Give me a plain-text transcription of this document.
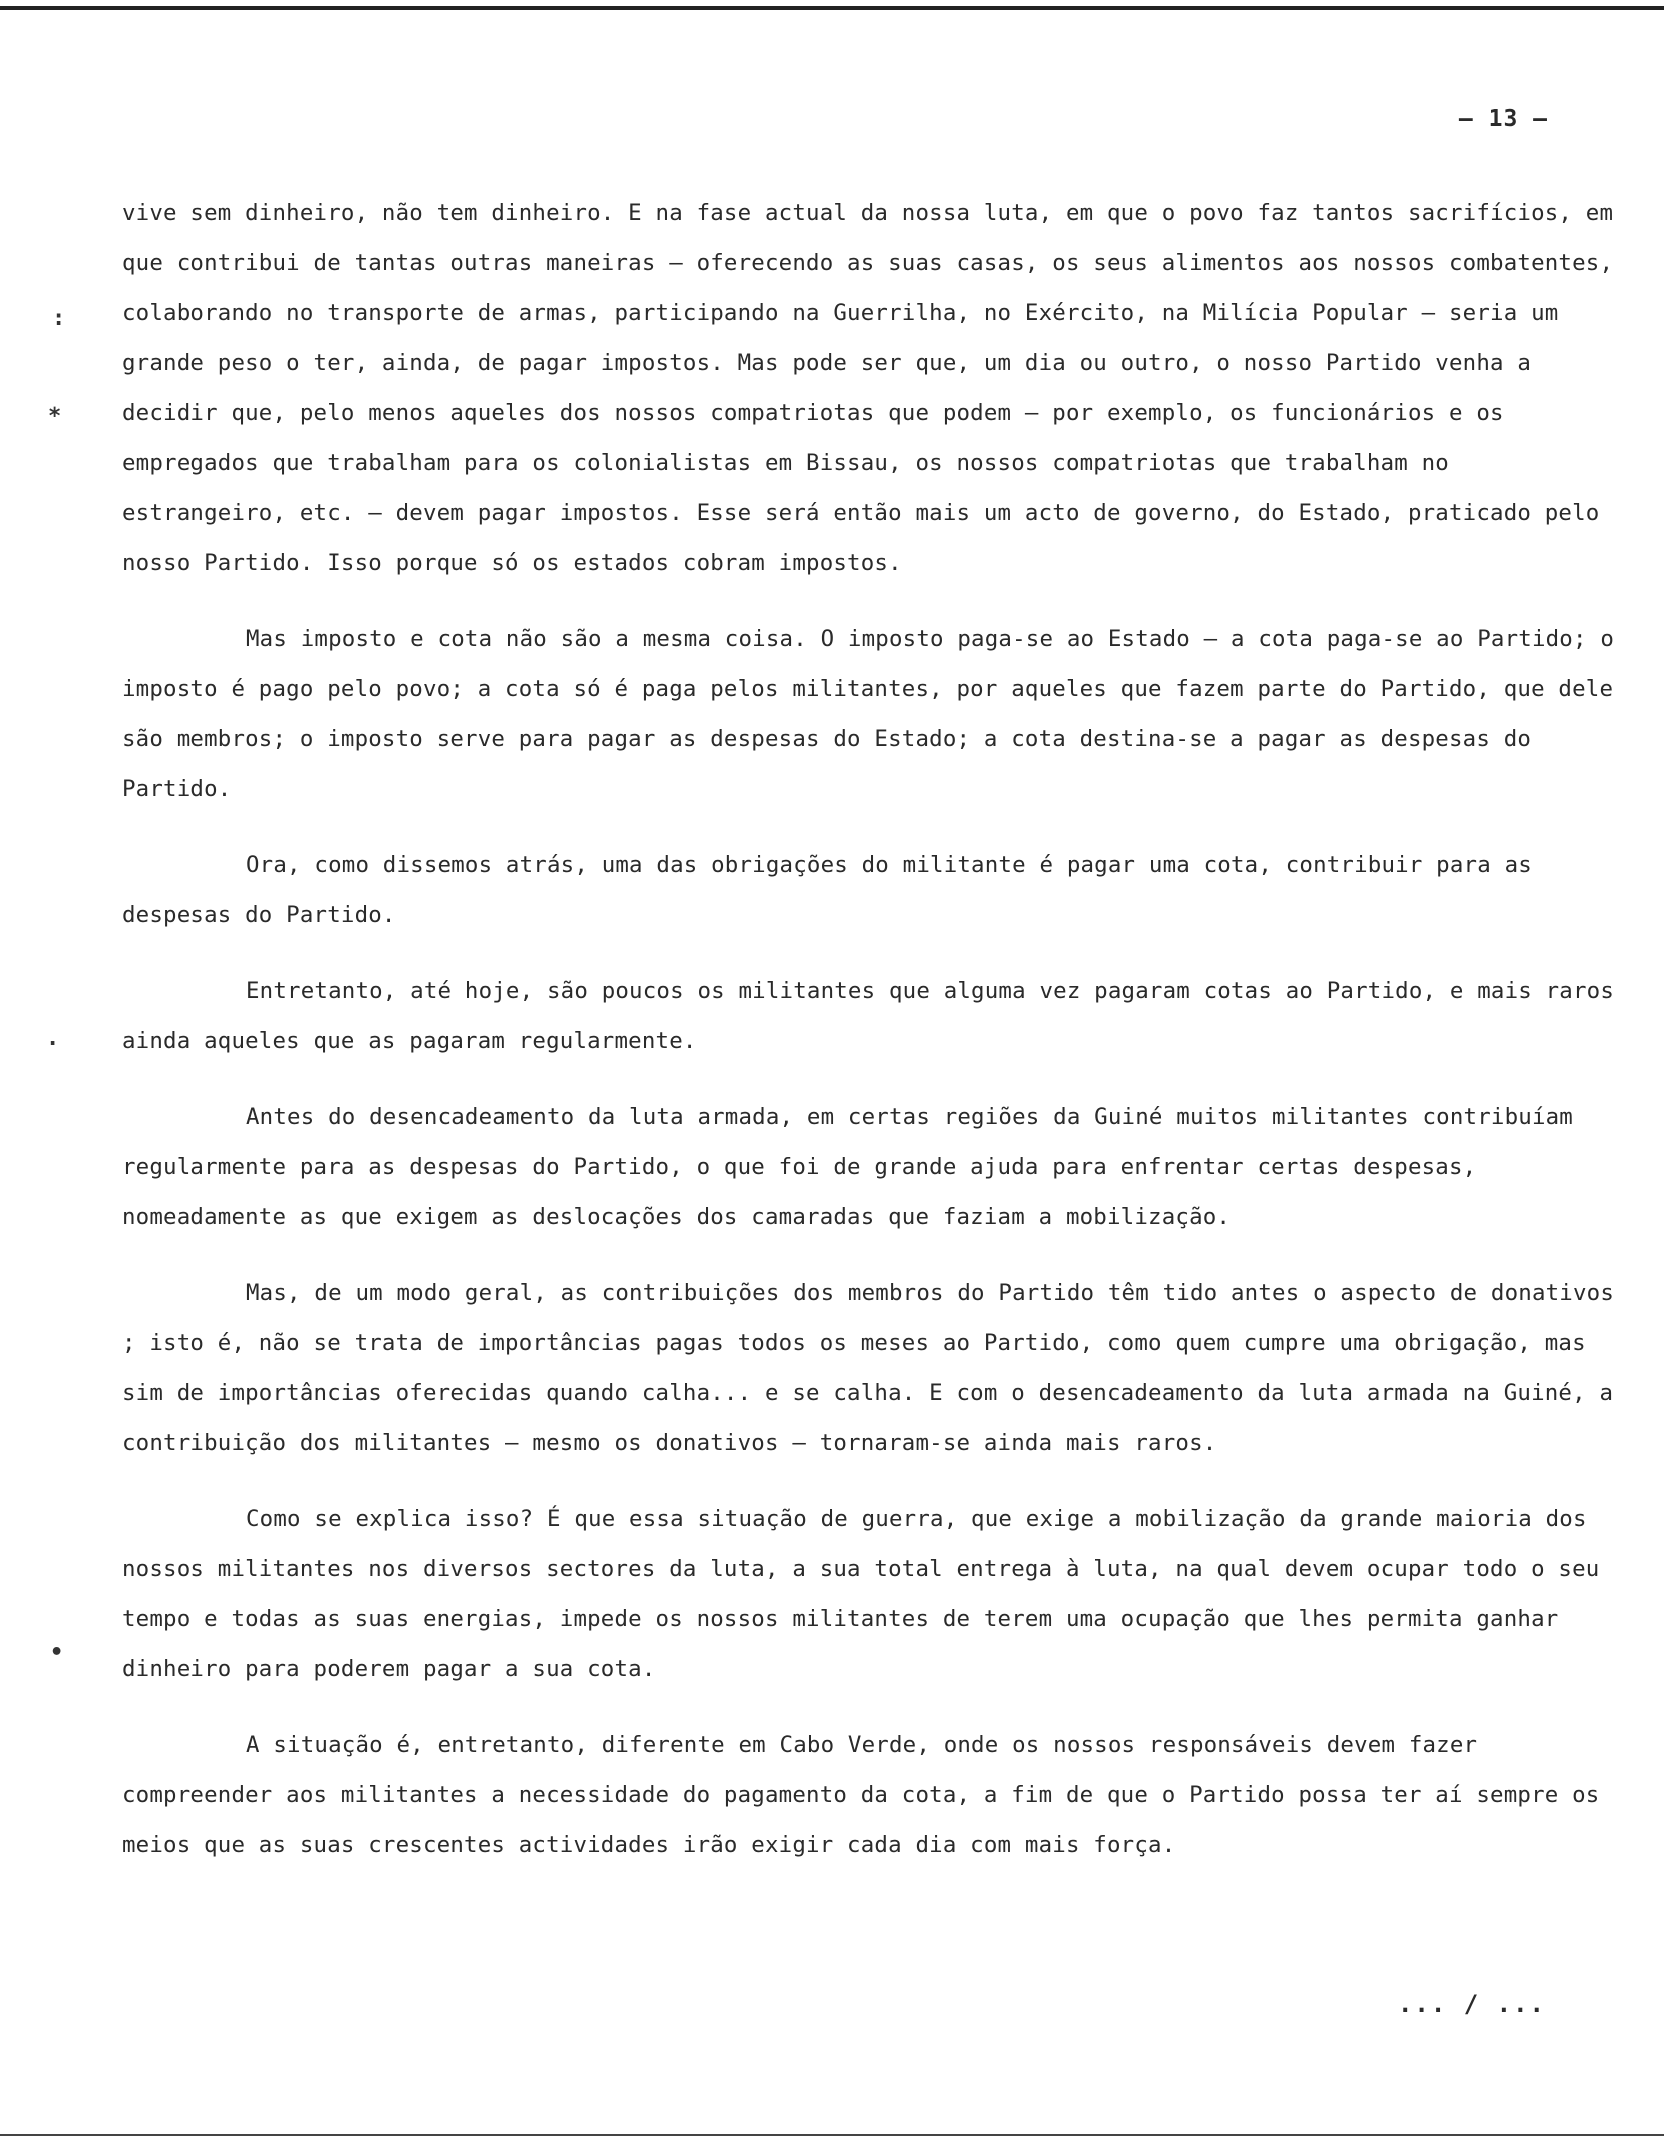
– 13 –
:
*
·
•

vive sem dinheiro, não tem dinheiro. E na fase actual da nossa luta, em que o povo faz tantos sacrifícios, em que contribui de tantas outras maneiras – oferecendo as suas casas, os seus alimentos aos nossos combatentes, colaborando no transporte de armas, participando na Guerrilha, no Exército, na Milícia Popular – seria um grande peso o ter, ainda, de pagar impostos. Mas pode ser que, um dia ou outro, o nosso Partido venha a decidir que, pelo menos aqueles dos nossos compatriotas que podem – por exemplo, os funcionários e os empregados que trabalham para os colonialistas em Bissau, os nossos compatriotas que trabalham no estrangeiro, etc. – devem pagar impostos. Esse será então mais um acto de governo, do Estado, praticado pelo nosso Partido. Isso porque só os estados cobram impostos.

Mas imposto e cota não são a mesma coisa. O imposto paga-se ao Estado – a cota paga-se ao Partido; o imposto é pago pelo povo; a cota só é paga pelos militantes, por aqueles que fazem parte do Partido, que dele são membros; o imposto serve para pagar as despesas do Estado; a cota destina-se a pagar as despesas do Partido.

Ora, como dissemos atrás, uma das obrigações do militante é pagar uma cota, contribuir para as despesas do Partido.

Entretanto, até hoje, são poucos os militantes que alguma vez pagaram cotas ao Partido, e mais raros ainda aqueles que as pagaram regularmente.

Antes do desencadeamento da luta armada, em certas regiões da Guiné muitos militantes contribuíam regularmente para as despesas do Partido, o que foi de grande ajuda para enfrentar certas despesas, nomeadamente as que exigem as deslocações dos camaradas que faziam a mobilização.

Mas, de um modo geral, as contribuições dos membros do Partido têm tido antes o aspecto de donativos ; isto é, não se trata de importâncias pagas todos os meses ao Partido, como quem cumpre uma obrigação, mas sim de importâncias oferecidas quando calha... e se calha. E com o desencadeamento da luta armada na Guiné, a contribuição dos militantes – mesmo os donativos – tornaram-se ainda mais raros.

Como se explica isso? É que essa situação de guerra, que exige a mobilização da grande maioria dos nossos militantes nos diversos sectores da luta, a sua total entrega à luta, na qual devem ocupar todo o seu tempo e todas as suas energias, impede os nossos militantes de terem uma ocupação que lhes permita ganhar dinheiro para poderem pagar a sua cota.

A situação é, entretanto, diferente em Cabo Verde, onde os nossos responsáveis devem fazer compreender aos militantes a necessidade do pagamento da cota, a fim de que o Partido possa ter aí sempre os meios que as suas crescentes actividades irão exigir cada dia com mais força.

... / ...
